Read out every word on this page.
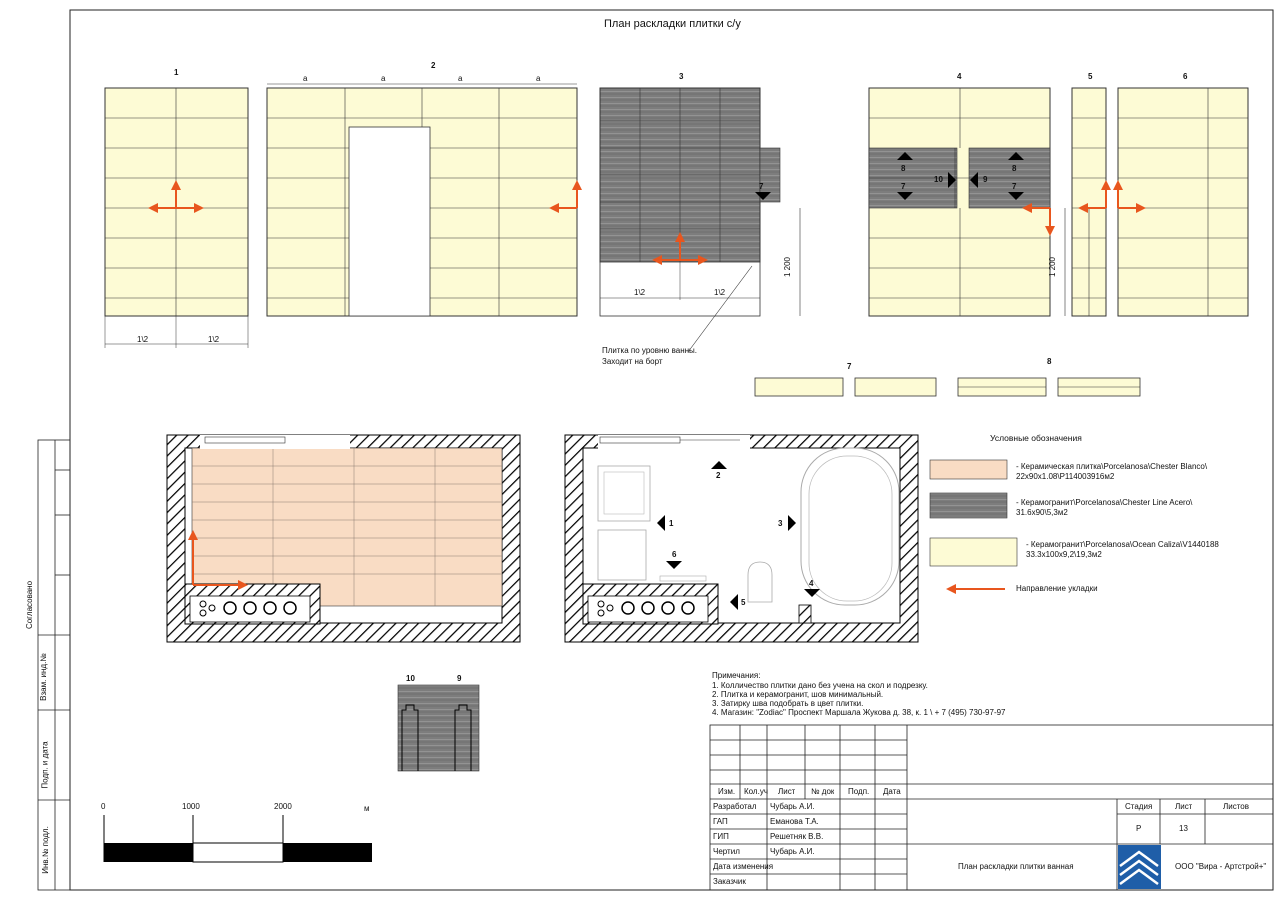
План раскладки плитки с/у
1
2
3	4	5	6
7
8
a	a	a	a
1\2	1\2
1\2	1\2
1 200	1 200
7
8
7
8
7
10	9
Плитка по уровню ванны.
Заходит на борт
1
2
3
4
5
6
10	9
Условные обозначения
- Керамическая плиткa\Porcelanosa\Chester Blanco\
22x90x1.08\P114003916м2
- Керамогранит\Porcelanosa\Chester Line Acero\
31.6x90\5,3м2
- Керамогранит\Porcelanosa\Ocean Caliza\V1440188
33.3x100x9,2\19,3м2
Направление укладки
Примечания:
1. Колличество плитки дано без учена на скол и подрезку.
2. Плитка и керамогранит, шов минимальный.
3. Затирку шва подобрать в цвет плитки.
4. Магазин: "Zodiac" Проспект Маршала Жукова д. 38, к. 1 \ + 7 (495) 730-97-97
0	1000	2000	м
Согласовано
Взам. инд.№
Подп. и дата
Инв.№ подл.
Изм.	Кол.уч	Лист	№ док	Подп.	Дата
Разработал	Чубарь А.И.
ГАП	Еманова Т.А.
ГИП	Решетняк В.В.
Чертил	Чубарь А.И.
Дата изменения
Заказчик
Стадия	Лист	Листов
Р	13
План раскладки плитки ванная	ООО "Вира - Артстрой+"
